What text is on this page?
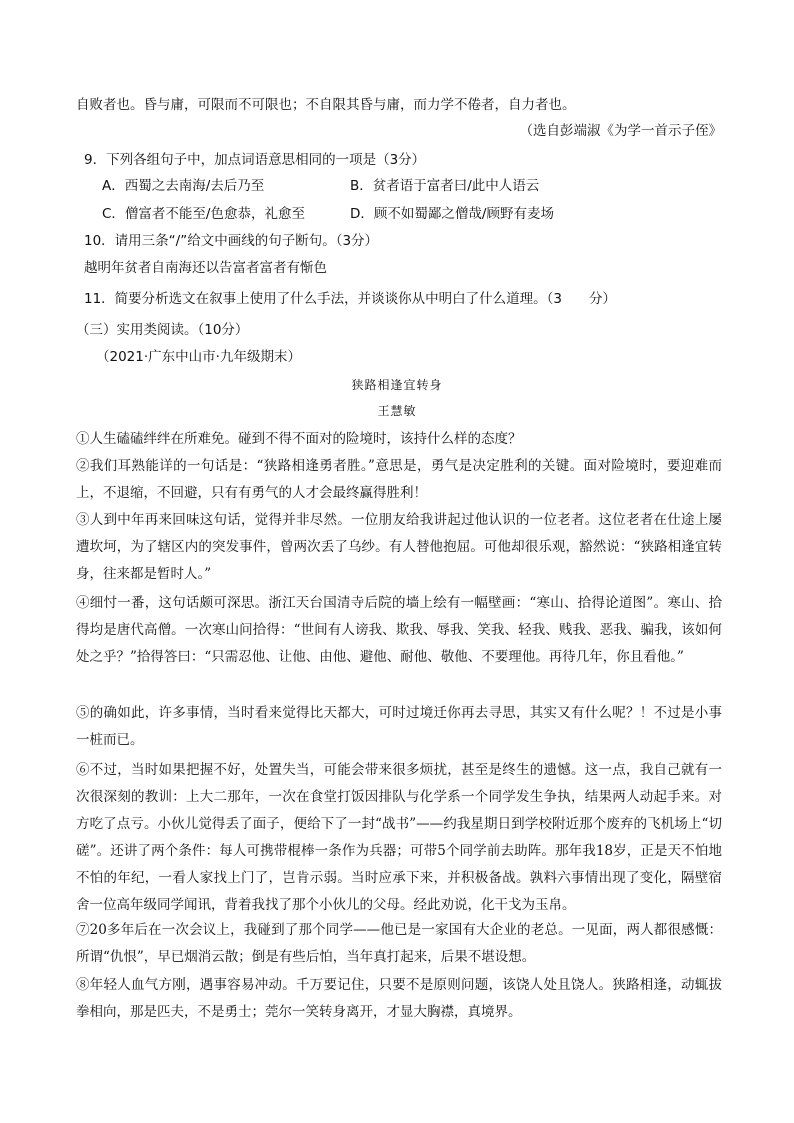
自败者也。昏与庸，可限而不可限也；不自限其昏与庸，而力学不倦者，自力者也。
（选自彭端淑《为学一首示子侄》
9．下列各组句子中，加点词语意思相同的一项是（3分）
A．西蜀之去南海/去后乃至	B．贫者语于富者曰/此中人语云
C．僧富者不能至/色愈恭，礼愈至	D．顾不如蜀鄙之僧哉/顾野有麦场
10．请用三条“/”给文中画线的句子断句。（3分）
越明年贫者自南海还以告富者富者有惭色
11．简要分析选文在叙事上使用了什么手法，并谈谈你从中明白了什么道理。（3　　分）
（三）实用类阅读。（10分）
（2021·广东中山市·九年级期末）
狭路相逢宜转身
王慧敏
①人生磕磕绊绊在所难免。碰到不得不面对的险境时，该持什么样的态度？
②我们耳熟能详的一句话是：“狭路相逢勇者胜。”意思是，勇气是决定胜利的关键。面对险境时，要迎难而上，不退缩，不回避，只有有勇气的人才会最终赢得胜利！
③人到中年再来回味这句话，觉得并非尽然。一位朋友给我讲起过他认识的一位老者。这位老者在仕途上屡遭坎坷，为了辖区内的突发事件，曾两次丢了乌纱。有人替他抱屈。可他却很乐观，豁然说：“狭路相逢宜转身，往来都是暂时人。”
④细忖一番，这句话颇可深思。浙江天台国清寺后院的墙上绘有一幅壁画：“寒山、拾得论道图”。寒山、拾得均是唐代高僧。一次寒山问拾得：“世间有人谤我、欺我、辱我、笑我、轻我、贱我、恶我、骗我，该如何处之乎？”拾得答曰：“只需忍他、让他、由他、避他、耐他、敬他、不要理他。再待几年，你且看他。”
⑤的确如此，许多事情，当时看来觉得比天都大，可时过境迁你再去寻思，其实又有什么呢？！不过是小事一桩而已。
⑥不过，当时如果把握不好，处置失当，可能会带来很多烦扰，甚至是终生的遗憾。这一点，我自己就有一次很深刻的教训：上大二那年，一次在食堂打饭因排队与化学系一个同学发生争执，结果两人动起手来。对方吃了点亏。小伙儿觉得丢了面子，便给下了一封“战书”——约我星期日到学校附近那个废弃的飞机场上“切磋”。还讲了两个条件：每人可携带棍棒一条作为兵器；可带5个同学前去助阵。那年我18岁，正是天不怕地不怕的年纪，一看人家找上门了，岂肯示弱。当时应承下来，并积极备战。孰料六事情出现了变化，隔壁宿舍一位高年级同学闻讯，背着我找了那个小伙儿的父母。经此劝说，化干戈为玉帛。
⑦20多年后在一次会议上，我碰到了那个同学——他已是一家国有大企业的老总。一见面，两人都很感慨：所谓“仇恨”，早已烟消云散；倒是有些后怕，当年真打起来，后果不堪设想。
⑧年轻人血气方刚，遇事容易冲动。千万要记住，只要不是原则问题，该饶人处且饶人。狭路相逢，动辄拔拳相向，那是匹夫，不是勇士；莞尔一笑转身离开，才显大胸襟，真境界。
